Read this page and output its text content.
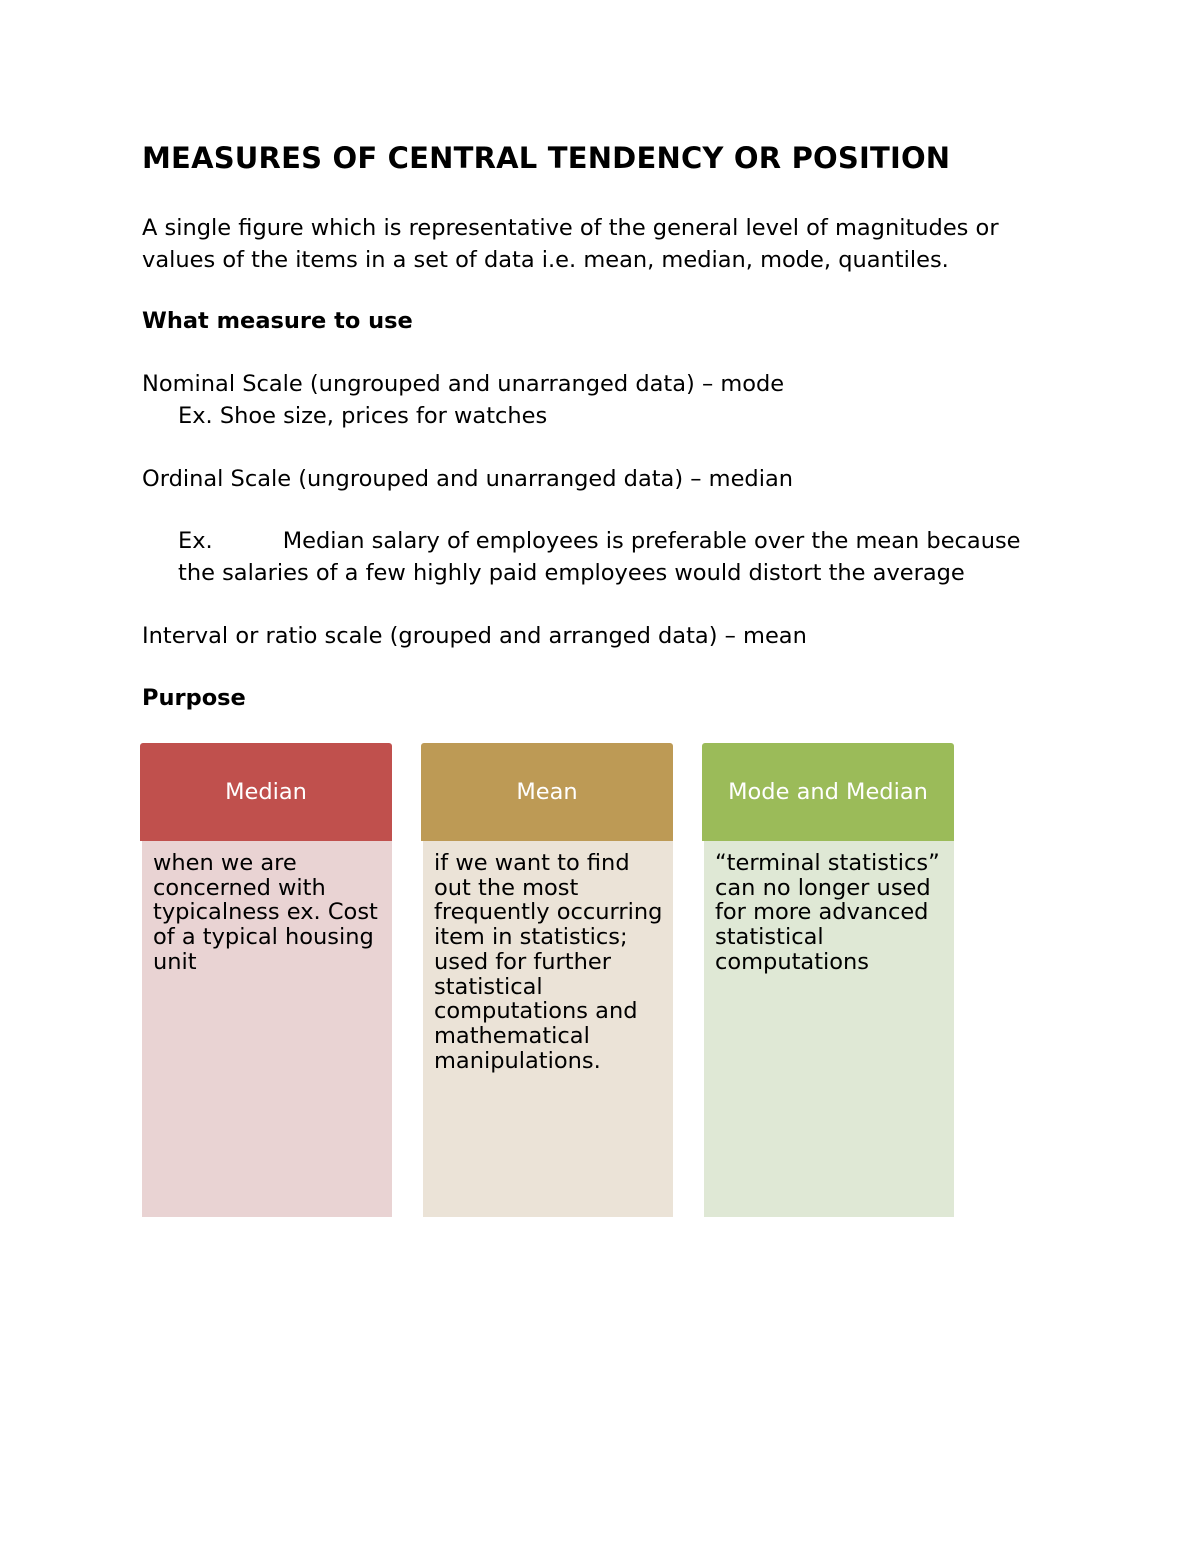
MEASURES OF CENTRAL TENDENCY OR POSITION

A single figure which is representative of the general level of magnitudes or

values of the items in a set of data i.e. mean, median, mode, quantiles.

What measure to use

Nominal Scale (ungrouped and unarranged data) – mode

Ex. Shoe size, prices for watches

Ordinal Scale (ungrouped and unarranged data) – median

Ex.	Median salary of employees is preferable over the mean because

the salaries of a few highly paid employees would distort the average

Interval or ratio scale (grouped and arranged data) – mean

Purpose
Median
when we are concerned with typicalness ex. Cost of a typical housing unit
Mean
if we want to find out the most frequently occurring item in statistics; used for further statistical computations and mathematical manipulations.
Mode and Median
“terminal statistics” can no longer used for more advanced statistical computations
